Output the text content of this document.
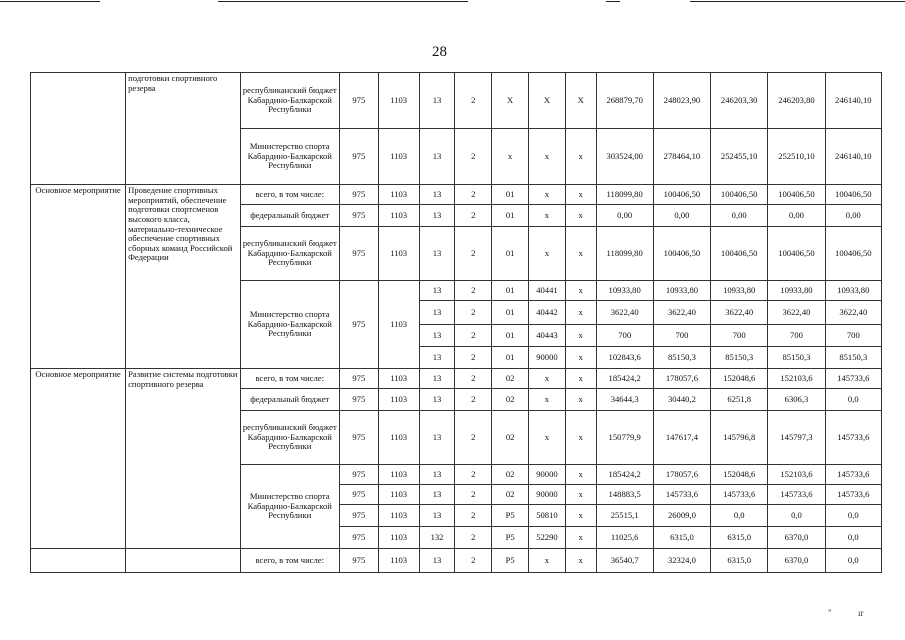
28
	подготовки спортивного резерва	республиканский бюджет Кабардино-Балкарской Республики	975	1103	13	2	Х	Х	Х	268879,70	248023,90	246203,30	246203,80	246140,10
		Министерство спорта Кабардино-Балкарской Республики	975	1103	13	2	х	х	х	303524,00	278464,10	252455,10	252510,10	246140,10
Основное мероприятие	Проведение спортивных мероприятий, обеспечение подготовки спортсменов высокого класса, материально-техническое обеспечение спортивных сборных команд Российской Федерации	всего, в том числе:	975	1103	13	2	01	х	х	118099,80	100406,50	100406,50	100406,50	100406,50
		федеральный бюджет	975	1103	13	2	01	х	х	0,00	0,00	0,00	0,00	0,00
		республиканский бюджет Кабардино-Балкарской Республики	975	1103	13	2	01	х	х	118099,80	100406,50	100406,50	100406,50	100406,50
		Министерство спорта Кабардино-Балкарской Республики	975	1103	13	2	01	40441	х	10933,80	10933,80	10933,80	10933,80	10933,80
					13	2	01	40442	х	3622,40	3622,40	3622,40	3622,40	3622,40
					13	2	01	40443	х	700	700	700	700	700
					13	2	01	90000	х	102843,6	85150,3	85150,3	85150,3	85150,3
Основное мероприятие	Развитие системы подготовки спортивного резерва	всего, в том числе:	975	1103	13	2	02	х	х	185424,2	178057,6	152048,6	152103,6	145733,6
		федеральный бюджет	975	1103	13	2	02	х	х	34644,3	30440,2	6251,8	6306,3	0,0
		республиканский бюджет Кабардино-Балкарской Республики	975	1103	13	2	02	х	х	150779,9	147617,4	145796,8	145797,3	145733,6
		Министерство спорта Кабардино-Балкарской Республики	975	1103	13	2	02	90000	х	185424,2	178057,6	152048,6	152103,6	145733,6
			975	1103	13	2	02	90000	х	148883,5	145733,6	145733,6	145733,6	145733,6
			975	1103	13	2	Р5	50810	х	25515,1	26009,0	0,0	0,0	0,0
			975	1103	132	2	Р5	52290	х	11025,6	6315,0	6315,0	6370,0	0,0
		всего, в том числе:	975	1103	13	2	Р5	х	х	36540,7	32324,0	6315,0	6370,0	0,0
"	ır
